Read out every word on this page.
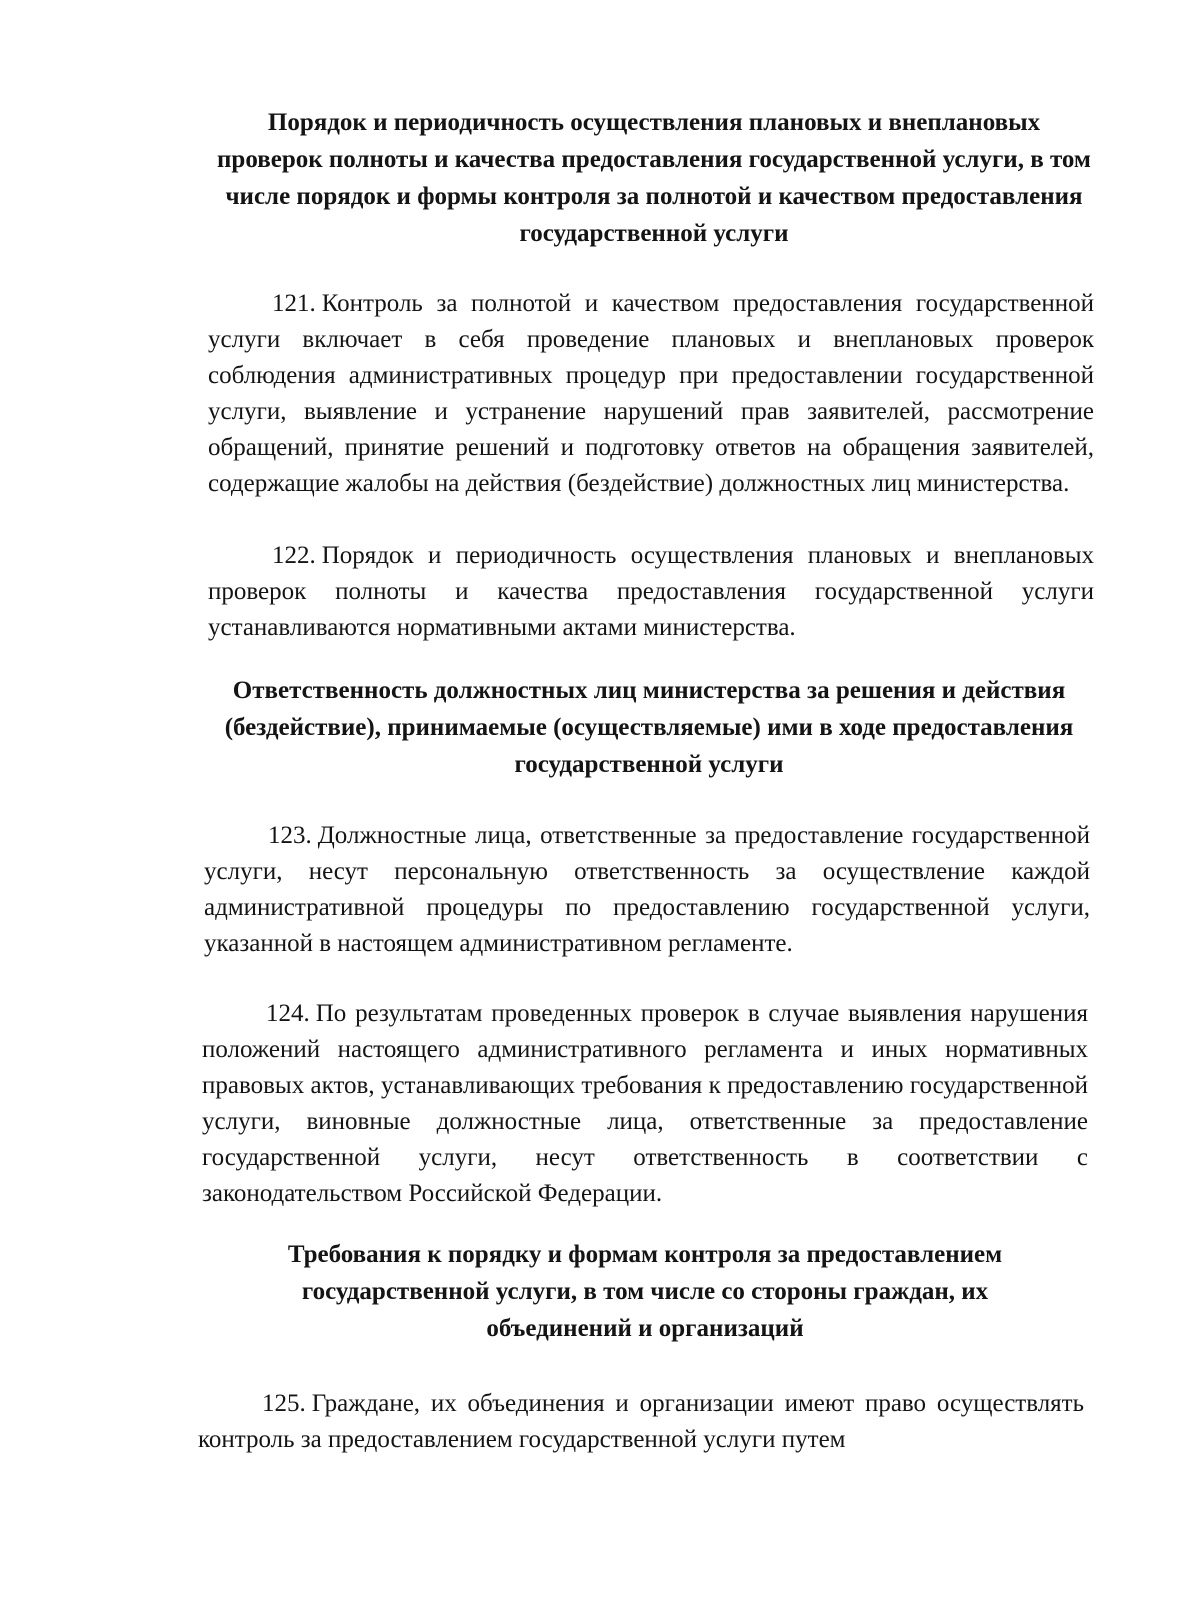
Порядок и периодичность осуществления плановых и внеплановых проверок полноты и качества предоставления государственной услуги, в том числе порядок и формы контроля за полнотой и качеством предоставления государственной услуги

121. Контроль за полнотой и качеством предоставления государственной услуги включает в себя проведение плановых и внеплановых проверок соблюдения административных процедур при предоставлении государственной услуги, выявление и устранение нарушений прав заявителей, рассмотрение обращений, принятие решений и подготовку ответов на обращения заявителей, содержащие жалобы на действия (бездействие) должностных лиц министерства.

122. Порядок и периодичность осуществления плановых и внеплановых проверок полноты и качества предоставления государственной услуги устанавливаются нормативными актами министерства.

Ответственность должностных лиц министерства за решения и действия (бездействие), принимаемые (осуществляемые) ими в ходе предоставления государственной услуги

123. Должностные лица, ответственные за предоставление государственной услуги, несут персональную ответственность за осуществление каждой административной процедуры по предоставлению государственной услуги, указанной в настоящем административном регламенте.

124. По результатам проведенных проверок в случае выявления нарушения положений настоящего административного регламента и иных нормативных правовых актов, устанавливающих требования к предоставлению государственной услуги, виновные должностные лица, ответственные за предоставление государственной услуги, несут ответственность в соответствии с законодательством Российской Федерации.

Требования к порядку и формам контроля за предоставлением государственной услуги, в том числе со стороны граждан, их объединений и организаций

125. Граждане, их объединения и организации имеют право осуществлять контроль за предоставлением государственной услуги путем
